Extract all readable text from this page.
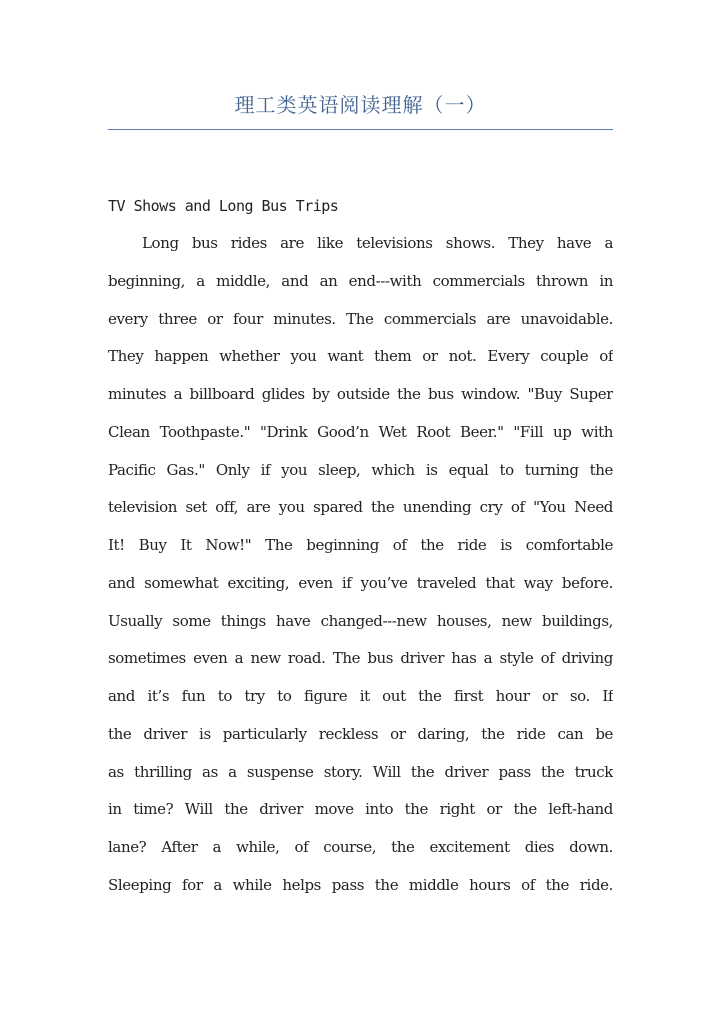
理工类英语阅读理解（一）
TV Shows and Long Bus Trips
Long bus rides are like televisions shows. They have a
beginning, a middle, and an end---with commercials thrown in
every three or four minutes. The commercials are unavoidable.
They happen whether you want them or not. Every couple of
minutes a billboard glides by outside the bus window. "Buy Super
Clean Toothpaste." "Drink Good’n Wet Root Beer." "Fill up with
Pacific Gas." Only if you sleep, which is equal to turning the
television set off, are you spared the unending cry of "You Need
It! Buy It Now!" The beginning of the ride is comfortable
and somewhat exciting, even if you’ve traveled that way before.
Usually some things have changed---new houses, new buildings,
sometimes even a new road. The bus driver has a style of driving
and it’s fun to try to figure it out the first hour or so. If
the driver is particularly reckless or daring, the ride can be
as thrilling as a suspense story. Will the driver pass the truck
in time? Will the driver move into the right or the left-hand
lane? After a while, of course, the excitement dies down.
Sleeping for a while helps pass the middle hours of the ride.
